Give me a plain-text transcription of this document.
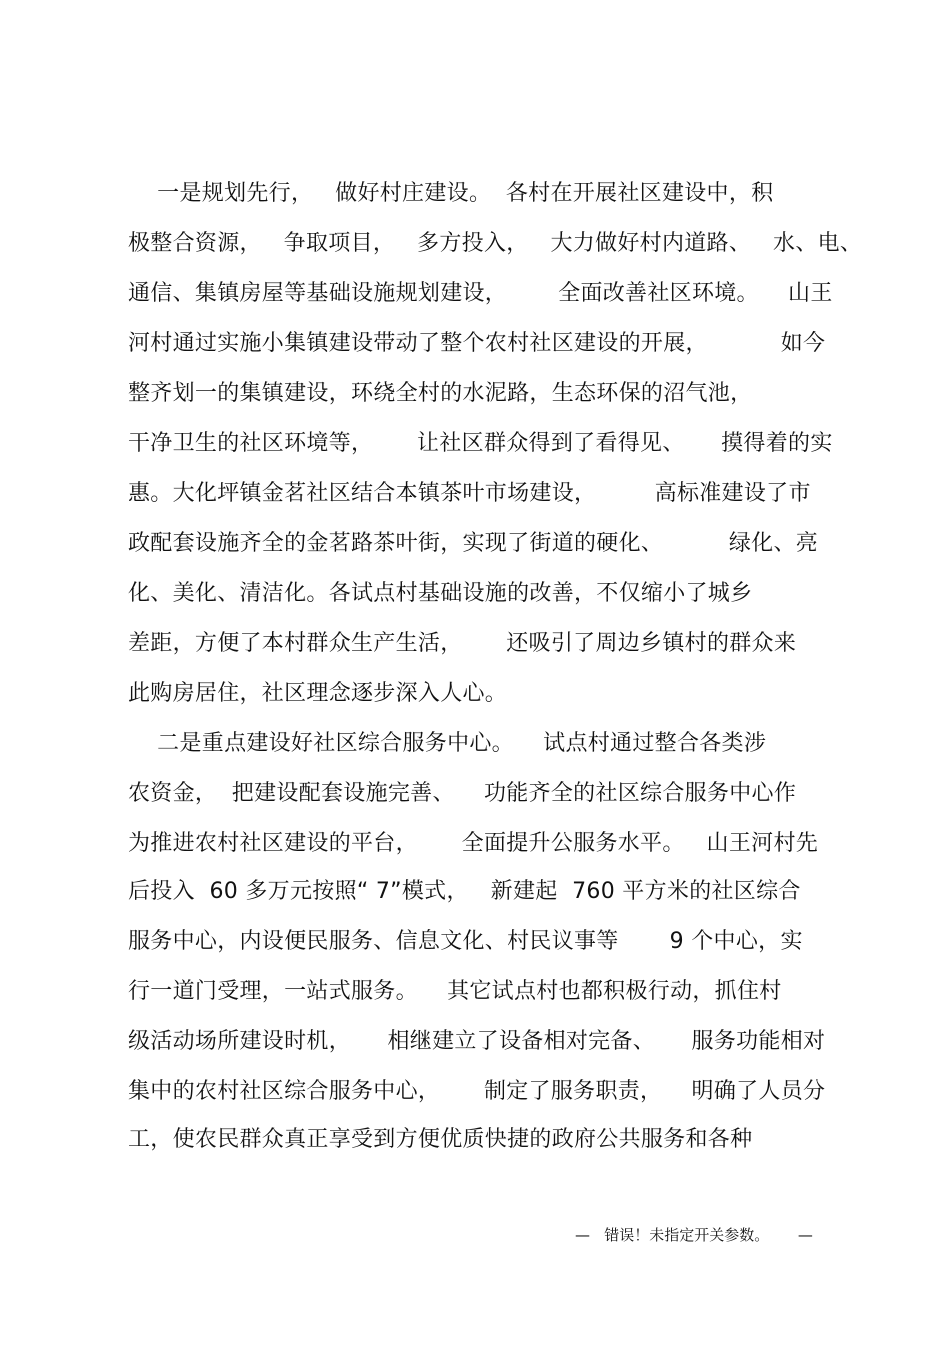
一是规划先行，   做好村庄建设。  各村在开展社区建设中，积
极整合资源，   争取项目，   多方投入，   大力做好村内道路、   水、电、
通信、集镇房屋等基础设施规划建设，       全面改善社区环境。    山王
河村通过实施小集镇建设带动了整个农村社区建设的开展，          如今
整齐划一的集镇建设，环绕全村的水泥路，生态环保的沼气池，
干净卫生的社区环境等，      让社区群众得到了看得见、     摸得着的实
惠。大化坪镇金茗社区结合本镇茶叶市场建设，        高标准建设了市
政配套设施齐全的金茗路茶叶街，实现了街道的硬化、         绿化、亮
化、美化、清洁化。各试点村基础设施的改善，不仅缩小了城乡
差距，方便了本村群众生产生活，      还吸引了周边乡镇村的群众来
此购房居住，社区理念逐步深入人心。
二是重点建设好社区综合服务中心。    试点村通过整合各类涉
农资金，  把建设配套设施完善、    功能齐全的社区综合服务中心作
为推进农村社区建设的平台，      全面提升公服务水平。   山王河村先
后投入  60 多万元按照“ 7”模式，   新建起  760 平方米的社区综合
服务中心，内设便民服务、信息文化、村民议事等       9 个中心，实
行一道门受理，一站式服务。    其它试点村也都积极行动，抓住村
级活动场所建设时机，     相继建立了设备相对完备、     服务功能相对
集中的农村社区综合服务中心，      制定了服务职责，    明确了人员分
工，使农民群众真正享受到方便优质快捷的政府公共服务和各种
—   错误！未指定开关参数。      —
